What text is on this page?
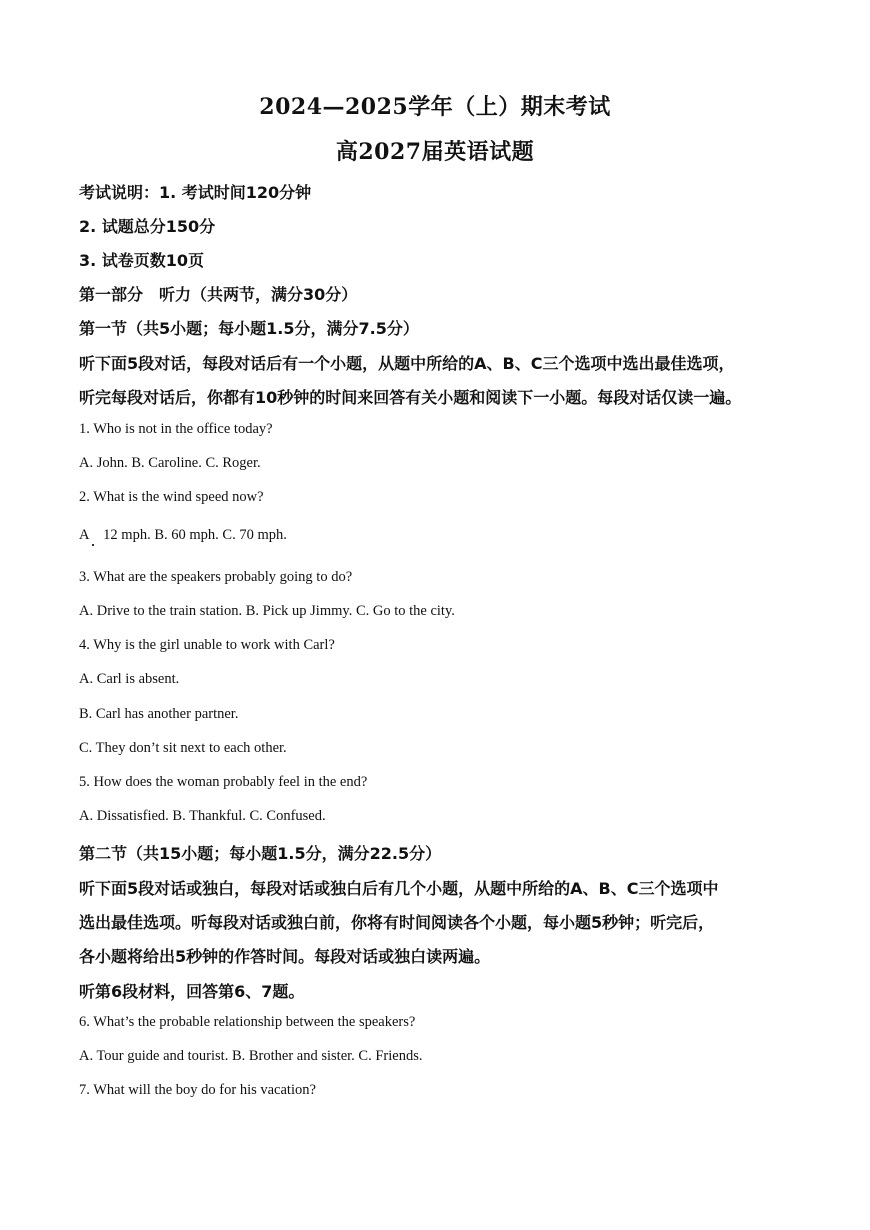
2024—2025学年（上）期末考试
高2027届英语试题
考试说明：1. 考试时间120分钟
2. 试题总分150分
3. 试卷页数10页
第一部分　听力（共两节，满分30分）
第一节（共5小题；每小题1.5分，满分7.5分）
听下面5段对话，每段对话后有一个小题，从题中所给的A、B、C三个选项中选出最佳选项，
听完每段对话后，你都有10秒钟的时间来回答有关小题和阅读下一小题。每段对话仅读一遍。
1. Who is not in the office today?
A. John. B. Caroline. C. Roger.
2. What is the wind speed now?
A　12 mph. B. 60 mph. C. 70 mph.
3. What are the speakers probably going to do?
A. Drive to the train station. B. Pick up Jimmy. C. Go to the city.
4. Why is the girl unable to work with Carl?
A. Carl is absent.
B. Carl has another partner.
C. They don’t sit next to each other.
5. How does the woman probably feel in the end?
A. Dissatisfied. B. Thankful. C. Confused.
第二节（共15小题；每小题1.5分，满分22.5分）
听下面5段对话或独白，每段对话或独白后有几个小题，从题中所给的A、B、C三个选项中
选出最佳选项。听每段对话或独白前，你将有时间阅读各个小题，每小题5秒钟；听完后，
各小题将给出5秒钟的作答时间。每段对话或独白读两遍。
听第6段材料，回答第6、7题。
6. What’s the probable relationship between the speakers?
A. Tour guide and tourist. B. Brother and sister. C. Friends.
7. What will the boy do for his vacation?
